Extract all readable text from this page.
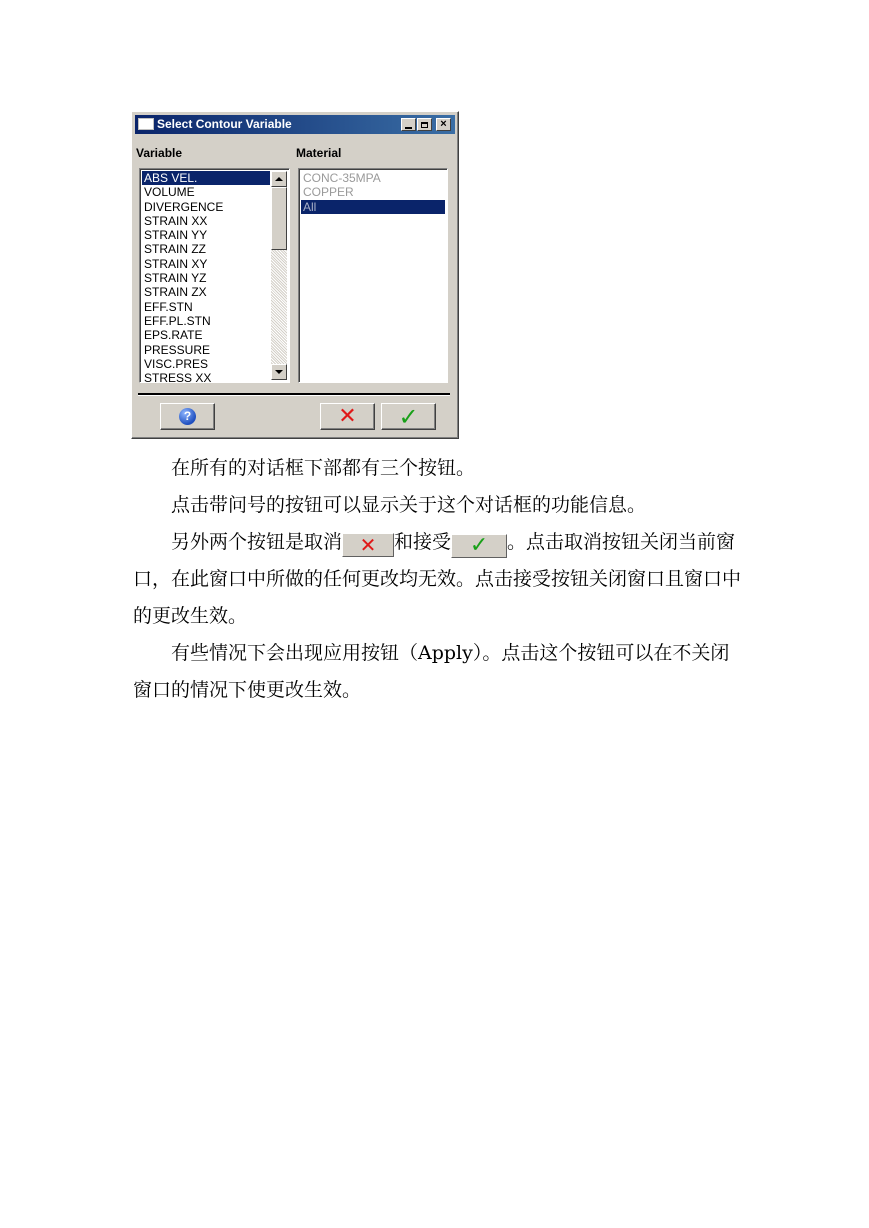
Select Contour Variable	×
Variable	Material
ABS VEL.
VOLUME
DIVERGENCE
STRAIN XX
STRAIN YY
STRAIN ZZ
STRAIN XY
STRAIN YZ
STRAIN ZX
EFF.STN
EFF.PL.STN
EPS.RATE
PRESSURE
VISC.PRES
STRESS XX
CONC-35MPA
COPPER
All
?	✕ ✓

在所有的对话框下部都有三个按钮。

点击带问号的按钮可以显示关于这个对话框的功能信息。

另外两个按钮是取消 ✕ 和接受 ✓ 。点击取消按钮关闭当前窗口，在此窗口中所做的任何更改均无效。点击接受按钮关闭窗口且窗口中的更改生效。

有些情况下会出现应用按钮（Apply）。点击这个按钮可以在不关闭窗口的情况下使更改生效。
